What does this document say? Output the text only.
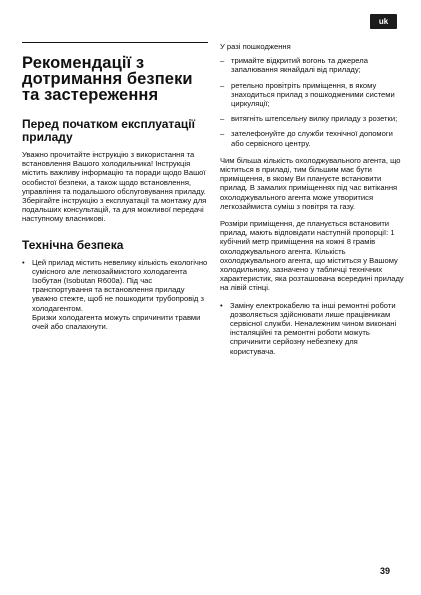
uk
Рекомендації з дотримання безпеки та застереження
Перед початком експлуатації приладу

Уважно прочитайте інструкцію з використання та встановлення Вашого холодильника! Інструкція містить важливу інформацію та поради щодо Вашої особистої безпеки, а також щодо встановлення, управління та подальшого обслуговування приладу.

Зберігайте інструкцію з експлуатації та монтажу для подальших консультацій, та для можливої передачі наступному власникові.

Технічна безпека
• Цей прилад містить невелику кількість екологічно сумісного але легкозаймистого холодагента Ізобутан (Isobutan R600a). Під час транспортування та встановлення приладу уважно стежте, щоб не пошкодити трубопровід з холодагентом.
Бризки холодагента можуть спричинити травми очей або спалахнути.

У разі пошкодження

– тримайте відкритий вогонь та джерела запалювання якнайдалі від приладу;
– ретельно провітріть приміщення, в якому знаходиться прилад з пошкодженими системи циркуляції;
– витягніть штепсельну вилку приладу з розетки;
– зателефонуйте до служби технічної допомоги або сервісного центру.

Чим більша кількість охолоджувального агента, що міститься в приладі, тим більшим має бути приміщення, в якому Ви плануєте встановити прилад. В замалих приміщеннях під час витікання охолоджувального агента може утворитися легкозаймиста суміш з повітря та газу.

Розміри приміщення, де планується встановити прилад, мають відповідати наступній пропорції: 1 кубічний метр приміщення на кожні 8 грамів охолоджувального агента. Кількість охолоджувального агента, що міститься у Вашому холодильнику, зазначено у табличці технічних характеристик, яка розташована всередині приладу на лівій стінці.

• Заміну електрокабелю та інші ремонтні роботи дозволяється здійснювати лише працівникам сервісної служби. Неналежним чином виконані інсталяційні та ремонтні роботи можуть спричинити серйозну небезпеку для користувача.
39
